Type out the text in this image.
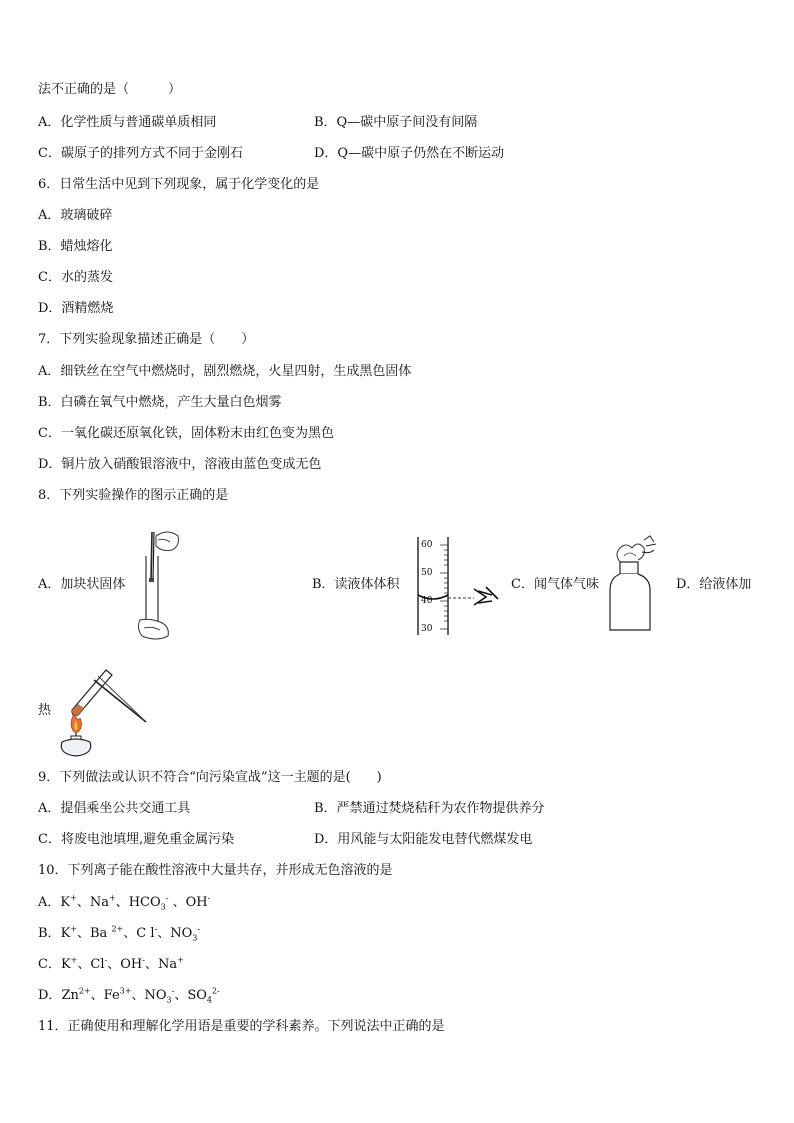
法不正确的是（　　　）
A．化学性质与普通碳单质相同	B．Q—碳中原子间没有间隔
C．碳原子的排列方式不同于金刚石	D．Q—碳中原子仍然在不断运动
6．日常生活中见到下列现象，属于化学变化的是
A．玻璃破碎
B．蜡烛熔化
C．水的蒸发
D．酒精燃烧
7．下列实验现象描述正确是（　　）
A．细铁丝在空气中燃烧时，剧烈燃烧，火星四射，生成黑色固体
B．白磷在氧气中燃烧，产生大量白色烟雾
C．一氧化碳还原氧化铁，固体粉末由红色变为黑色
D．铜片放入硝酸银溶液中，溶液由蓝色变成无色
8．下列实验操作的图示正确的是
A．加块状固体	B．读液体体积
60
50
40
30
C．闻气体气味	D．给液体加
热
9．下列做法或认识不符合“向污染宣战”这一主题的是(　　)
A．提倡乘坐公共交通工具	B．严禁通过焚烧秸秆为农作物提供养分
C．将废电池填埋,避免重金属污染	D．用风能与太阳能发电替代燃煤发电
10．下列离子能在酸性溶液中大量共存，并形成无色溶液的是
A．K+、Na+、$HCO_3^-$ 、OH-
B．K+、Ba $^{2+}$、C l-、$NO_3^-$
C．K+、Cl-、OH-、Na+
D．$Zn^{2+}$、$Fe^{3+}$、$NO_3^-$、$SO_4^{2-}$
11．正确使用和理解化学用语是重要的学科素养。下列说法中正确的是
